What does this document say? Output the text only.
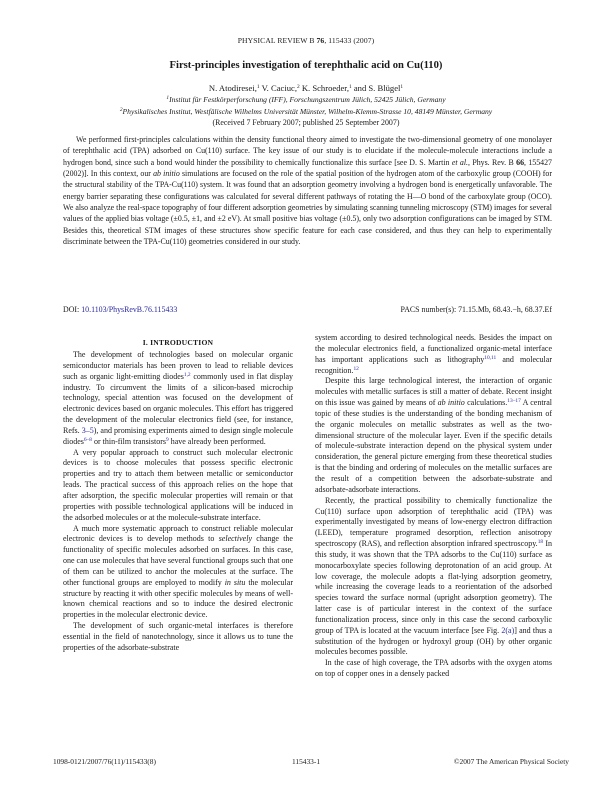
PHYSICAL REVIEW B 76, 115433 (2007)
First-principles investigation of terephthalic acid on Cu(110)
N. Atodiresei,$^1$ V. Caciuc,$^2$ K. Schroeder,$^1$ and S. Blügel$^1$
$^1$Institut für Festkörperforschung (IFF), Forschungszentrum Jülich, 52425 Jülich, Germany
$^2$Physikalisches Institut, Westfälische Wilhelms Universität Münster, Wilhelm-Klemm-Strasse 10, 48149 Münster, Germany
(Received 7 February 2007; published 25 September 2007)

We performed first-principles calculations within the density functional theory aimed to investigate the two-dimensional geometry of one monolayer of terephthalic acid (TPA) adsorbed on Cu(110) surface. The key issue of our study is to elucidate if the molecule-molecule interactions include a hydrogen bond, since such a bond would hinder the possibility to chemically functionalize this surface [see D. S. Martin et al., Phys. Rev. B 66, 155427 (2002)]. In this context, our ab initio simulations are focused on the role of the spatial position of the hydrogen atom of the carboxylic group (COOH) for the structural stability of the TPA-Cu(110) system. It was found that an adsorption geometry involving a hydrogen bond is energetically unfavorable. The energy barrier separating these configurations was calculated for several different pathways of rotating the H—O bond of the carboxylate group (OCO). We also analyze the real-space topography of four different adsorption geometries by simulating scanning tunneling microscopy (STM) images for several values of the applied bias voltage (±0.5, ±1, and ±2 eV). At small positive bias voltage (±0.5), only two adsorption configurations can be imaged by STM. Besides this, theoretical STM images of these structures show specific feature for each case considered, and thus they can help to experimentally discriminate between the TPA-Cu(110) geometries considered in our study.

DOI: 10.1103/PhysRevB.76.115433	PACS number(s): 71.15.Mb, 68.43.−h, 68.37.Ef
I. INTRODUCTION

The development of technologies based on molecular organic semiconductor materials has been proven to lead to reliable devices such as organic light-emitting diodes$^{1,2}$ commonly used in flat display industry. To circumvent the limits of a silicon-based microchip technology, special attention was focused on the development of electronic devices based on organic molecules. This effort has triggered the development of the molecular electronics field (see, for instance, Refs. 3–5), and promising experiments aimed to design single molecule diodes$^{6-8}$ or thin-film transistors$^9$ have already been performed.

A very popular approach to construct such molecular electronic devices is to choose molecules that possess specific electronic properties and try to attach them between metallic or semiconductor leads. The practical success of this approach relies on the hope that after adsorption, the specific molecular properties will remain or that properties with possible technological applications will be induced in the adsorbed molecules or at the molecule-substrate interface.

A much more systematic approach to construct reliable molecular electronic devices is to develop methods to selectively change the functionality of specific molecules adsorbed on surfaces. In this case, one can use molecules that have several functional groups such that one of them can be utilized to anchor the molecules at the surface. The other functional groups are employed to modify in situ the molecular structure by reacting it with other specific molecules by means of well-known chemical reactions and so to induce the desired electronic properties in the molecular electronic device.

The development of such organic-metal interfaces is therefore essential in the field of nanotechnology, since it allows us to tune the properties of the adsorbate-substrate

system according to desired technological needs. Besides the impact on the molecular electronics field, a functionalized organic-metal interface has important applications such as lithography$^{10,11}$ and molecular recognition.$^{12}$

Despite this large technological interest, the interaction of organic molecules with metallic surfaces is still a matter of debate. Recent insight on this issue was gained by means of ab initio calculations.$^{13-17}$ A central topic of these studies is the understanding of the bonding mechanism of the organic molecules on metallic substrates as well as the two-dimensional structure of the molecular layer. Even if the specific details of molecule-substrate interaction depend on the physical system under consideration, the general picture emerging from these theoretical studies is that the binding and ordering of molecules on the metallic surfaces are the result of a competition between the adsorbate-substrate and adsorbate-adsorbate interactions.

Recently, the practical possibility to chemically functionalize the Cu(110) surface upon adsorption of terephthalic acid (TPA) was experimentally investigated by means of low-energy electron diffraction (LEED), temperature programed desorption, reflection anisotropy spectroscopy (RAS), and reflection absorption infrared spectroscopy.$^{18}$ In this study, it was shown that the TPA adsorbs to the Cu(110) surface as monocarboxylate species following deprotonation of an acid group. At low coverage, the molecule adopts a flat-lying adsorption geometry, while increasing the coverage leads to a reorientation of the adsorbed species toward the surface normal (upright adsorption geometry). The latter case is of particular interest in the context of the surface functionalization process, since only in this case the second carboxylic group of TPA is located at the vacuum interface [see Fig. 2(a)] and thus a substitution of the hydrogen or hydroxyl group (OH) by other organic molecules becomes possible.

In the case of high coverage, the TPA adsorbs with the oxygen atoms on top of copper ones in a densely packed

1098-0121/2007/76(11)/115433(8)	115433-1	©2007 The American Physical Society
